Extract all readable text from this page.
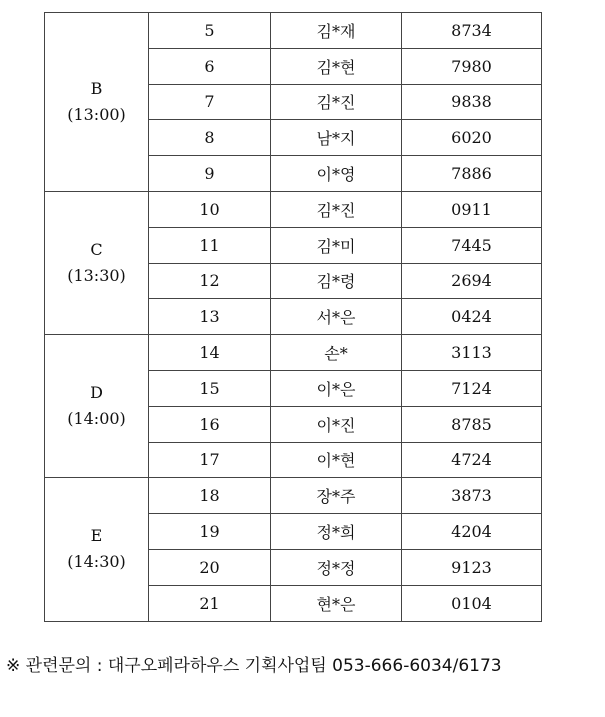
B
(13:00)	5	김*재	8734
	6	김*현	7980
	7	김*진	9838
	8	남*지	6020
	9	이*영	7886

C
(13:30)	10	김*진	0911
	11	김*미	7445
	12	김*령	2694
	13	서*은	0424

D
(14:00)	14	손*	3113
	15	이*은	7124
	16	이*진	8785
	17	이*현	4724

E
(14:30)	18	장*주	3873
	19	정*희	4204
	20	정*정	9123
	21	현*은	0104
※ 관련문의 : 대구오페라하우스 기획사업팀 053-666-6034/6173
